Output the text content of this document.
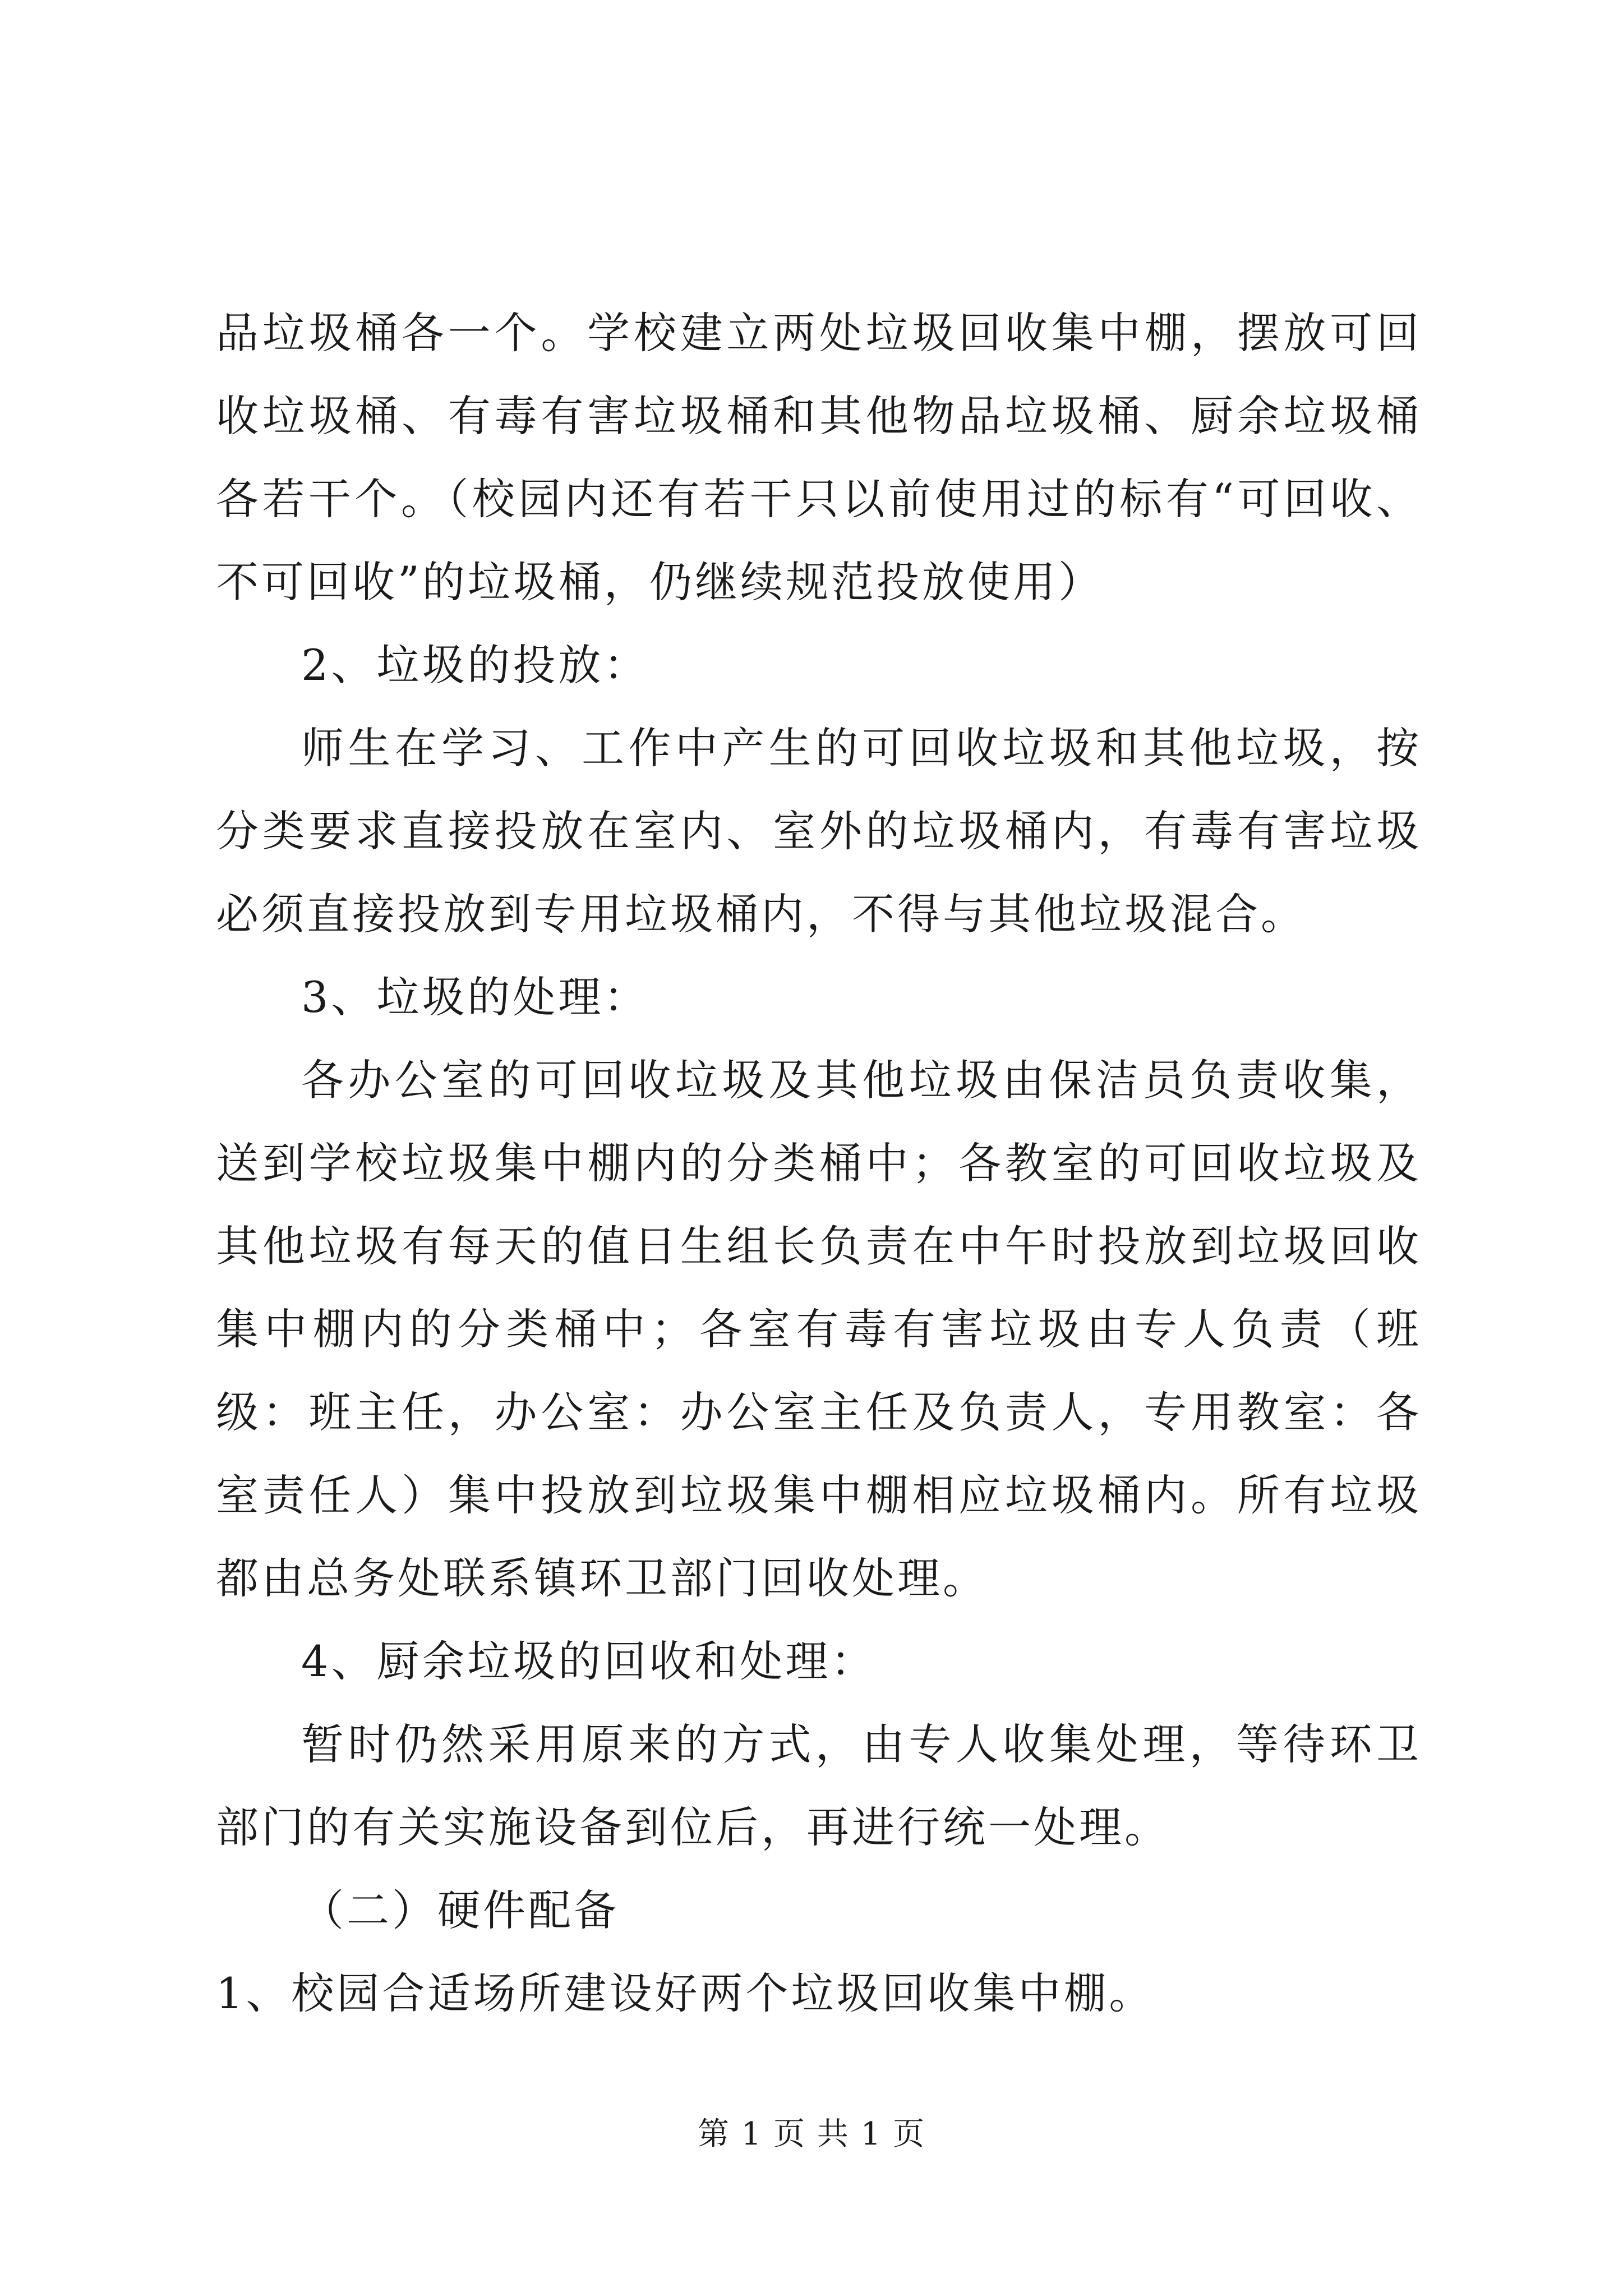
品垃圾桶各一个。学校建立两处垃圾回收集中棚，摆放可回收垃圾桶、有毒有害垃圾桶和其他物品垃圾桶、厨余垃圾桶各若干个。（校园内还有若干只以前使用过的标有“可回收、不可回收”的垃圾桶，仍继续规范投放使用）

2、垃圾的投放：

师生在学习、工作中产生的可回收垃圾和其他垃圾，按分类要求直接投放在室内、室外的垃圾桶内，有毒有害垃圾必须直接投放到专用垃圾桶内，不得与其他垃圾混合。

3、垃圾的处理：

各办公室的可回收垃圾及其他垃圾由保洁员负责收集，送到学校垃圾集中棚内的分类桶中；各教室的可回收垃圾及其他垃圾有每天的值日生组长负责在中午时投放到垃圾回收集中棚内的分类桶中；各室有毒有害垃圾由专人负责（班级：班主任，办公室：办公室主任及负责人，专用教室：各室责任人）集中投放到垃圾集中棚相应垃圾桶内。所有垃圾都由总务处联系镇环卫部门回收处理。

4、厨余垃圾的回收和处理：

暂时仍然采用原来的方式，由专人收集处理，等待环卫部门的有关实施设备到位后，再进行统一处理。

（二）硬件配备

1、校园合适场所建设好两个垃圾回收集中棚。

第 1 页 共 1 页
